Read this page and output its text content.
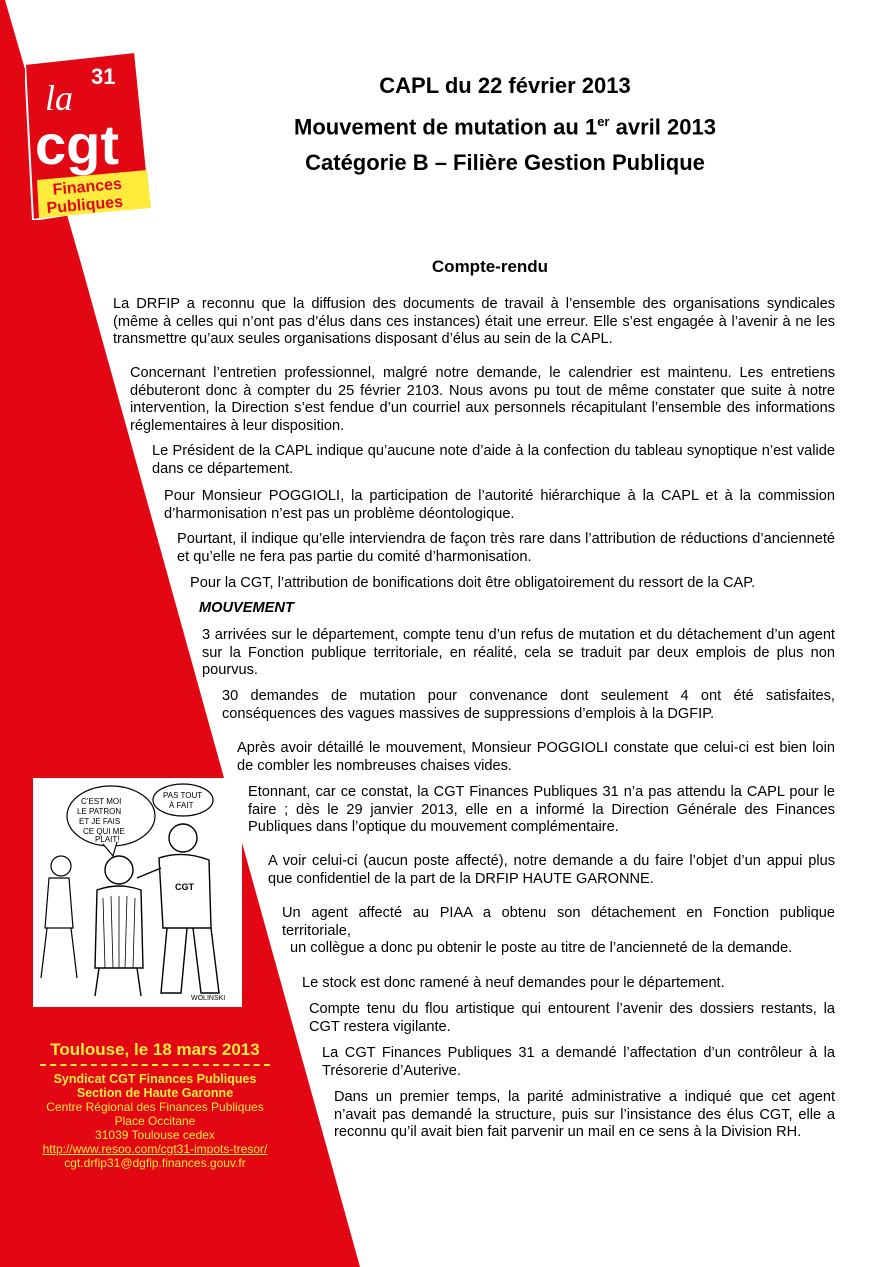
31
la
cgt
Finances
Publiques
CAPL du 22 février 2013
Mouvement de mutation au 1er avril 2013
Catégorie B – Filière Gestion Publique
Compte-rendu
La DRFIP a reconnu que la diffusion des documents de travail à l’ensemble des organisations syndicales (même à celles qui n’ont pas d’élus dans ces instances) était une erreur. Elle s’est engagée à l’avenir à ne les transmettre qu’aux seules organisations disposant d’élus au sein de la CAPL.
Concernant l’entretien professionnel, malgré notre demande, le calendrier est maintenu. Les entretiens débuteront donc à compter du 25 février 2103. Nous avons pu tout de même constater que suite à notre intervention, la Direction s’est fendue d’un courriel aux personnels récapitulant l’ensemble des informations réglementaires à leur disposition.
Le Président de la CAPL indique qu’aucune note d’aide à la confection du tableau synoptique n’est valide dans ce département.
Pour Monsieur POGGIOLI, la participation de l’autorité hiérarchique à la CAPL et à la commission d’harmonisation n’est pas un problème déontologique.
Pourtant, il indique qu’elle interviendra de façon très rare dans l’attribution de réductions d’ancienneté et qu’elle ne fera pas partie du comité d’harmonisation.
Pour la CGT, l’attribution de bonifications doit être obligatoirement du ressort de la CAP.
MOUVEMENT
3 arrivées sur le département, compte tenu d’un refus de mutation et du détachement d’un agent sur la Fonction publique territoriale, en réalité, cela se traduit par deux emplois de plus non pourvus.
30 demandes de mutation pour convenance dont seulement 4 ont été satisfaites, conséquences des vagues massives de suppressions d’emplois à la DGFIP.
Après avoir détaillé le mouvement, Monsieur POGGIOLI constate que celui-ci est bien loin de combler les nombreuses chaises vides.
Etonnant, car ce constat, la CGT Finances Publiques 31 n’a pas attendu la CAPL pour le faire ; dès le 29 janvier 2013, elle en a informé la Direction Générale des Finances Publiques dans l’optique du mouvement complémentaire.
A voir celui-ci (aucun poste affecté), notre demande a du faire l’objet d’un appui plus que confidentiel de la part de la DRFIP HAUTE GARONNE.
Un agent affecté au PIAA a obtenu son détachement en Fonction publique territoriale,
un collègue a donc pu obtenir le poste au titre de l’ancienneté de la demande.
Le stock est donc ramené à neuf demandes pour le département.
Compte tenu du flou artistique qui entourent l’avenir des dossiers restants, la CGT restera vigilante.
La CGT Finances Publiques 31 a demandé l’affectation d’un contrôleur à la Trésorerie d’Auterive.
Dans un premier temps, la parité administrative a indiqué que cet agent n’avait pas demandé la structure, puis sur l’insistance des élus CGT, elle a reconnu qu’il avait bien fait parvenir un mail en ce sens à la Division RH.
C’EST MOI
LE PATRON
ET JE FAIS
CE QUI ME
PLAIT!
PAS TOUT
À FAIT
CGT
WOLINSKI
Toulouse, le 18 mars 2013
Syndicat CGT Finances Publiques
Section de Haute Garonne
Centre Régional des Finances Publiques
Place Occitane
31039 Toulouse cedex
http://www.resoo.com/cgt31-impots-tresor/
cgt.drfip31@dgfip.finances.gouv.fr
